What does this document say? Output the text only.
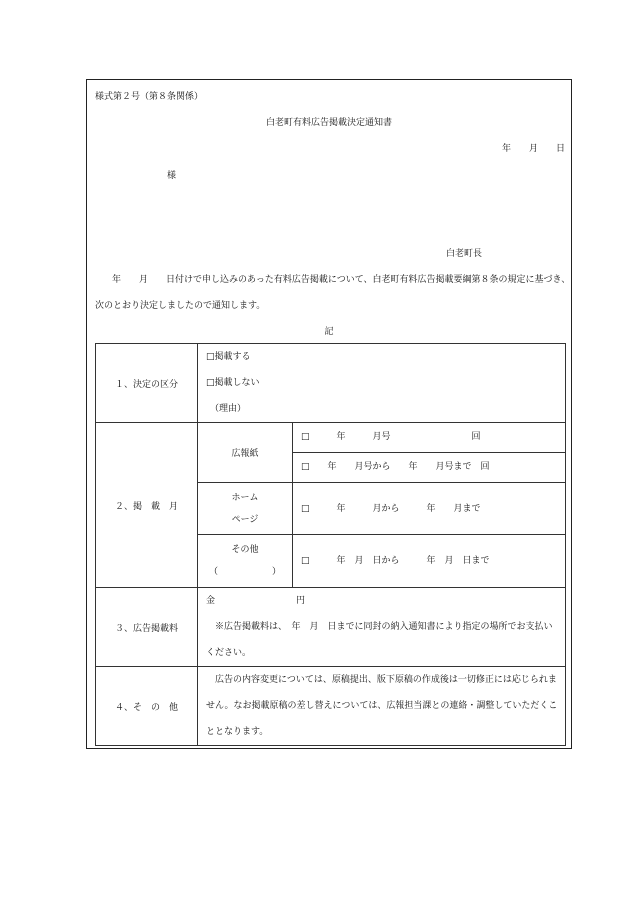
様式第２号（第８条関係）
白老町有料広告掲載決定通知書
年　　月　　日
様
白老町長
年　　月　　日付けで申し込みのあった有料広告掲載について、白老町有料広告掲載要綱第８条の規定に基づき、
次のとおり決定しましたので通知します。
記
１、決定の区分	□掲載する
□掲載しない
（理由）	

２、掲　載　月	広報紙	□　　　年　　　月号　　　　　　　　　回
□　　年　　月号から　　年　　月号まで　回

	ホーム
ページ	□　　　年　　　月から　　　年　　月まで

	その他
（　　　　　　）	□　　　年　月　日から　　　年　月　日まで

３、広告掲載料	金　　　　　　　　　円
　※広告掲載料は、　年　月　日までに同封の納入通知書により指定の場所でお支払い
ください。	

４、そ　の　他	　広告の内容変更については、原稿提出、版下原稿の作成後は一切修正には応じられま
せん。なお掲載原稿の差し替えについては、広報担当課との連絡・調整していただくこ
ととなります。	
